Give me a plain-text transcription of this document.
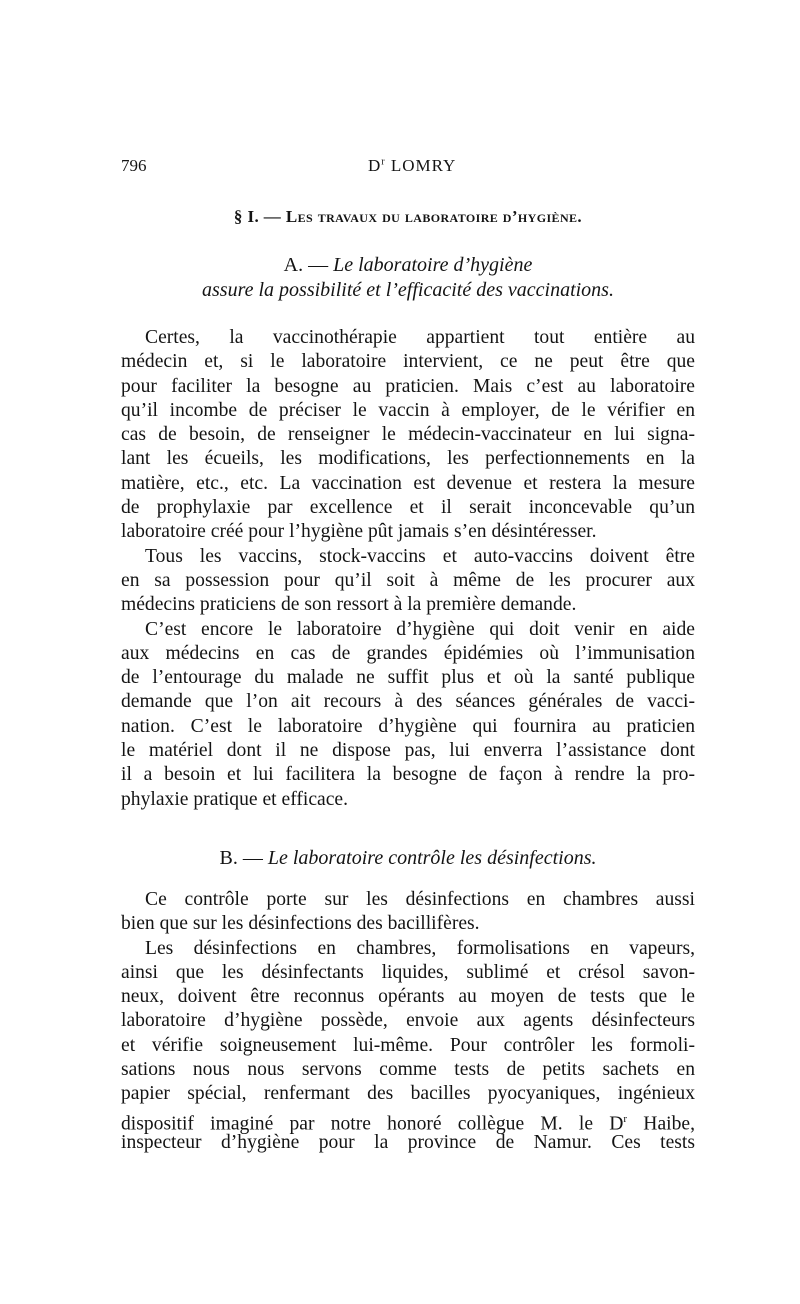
796	$D^r$ LOMRY
§ I. — Les travaux du laboratoire d’hygiène.
A. — Le laboratoire d’hygiène
assure la possibilité et l’efficacité des vaccinations.
Certes, la vaccinothérapie appartient tout entière au
médecin et, si le laboratoire intervient, ce ne peut être que
pour faciliter la besogne au praticien. Mais c’est au laboratoire
qu’il incombe de préciser le vaccin à employer, de le vérifier en
cas de besoin, de renseigner le médecin-vaccinateur en lui signa-
lant les écueils, les modifications, les perfectionnements en la
matière, etc., etc. La vaccination est devenue et restera la mesure
de prophylaxie par excellence et il serait inconcevable qu’un
laboratoire créé pour l’hygiène pût jamais s’en désintéresser.
Tous les vaccins, stock-vaccins et auto-vaccins doivent être
en sa possession pour qu’il soit à même de les procurer aux
médecins praticiens de son ressort à la première demande.
C’est encore le laboratoire d’hygiène qui doit venir en aide
aux médecins en cas de grandes épidémies où l’immunisation
de l’entourage du malade ne suffit plus et où la santé publique
demande que l’on ait recours à des séances générales de vacci-
nation. C’est le laboratoire d’hygiène qui fournira au praticien
le matériel dont il ne dispose pas, lui enverra l’assistance dont
il a besoin et lui facilitera la besogne de façon à rendre la pro-
phylaxie pratique et efficace.
B. — Le laboratoire contrôle les désinfections.
Ce contrôle porte sur les désinfections en chambres aussi
bien que sur les désinfections des bacillifères.
Les désinfections en chambres, formolisations en vapeurs,
ainsi que les désinfectants liquides, sublimé et crésol savon-
neux, doivent être reconnus opérants au moyen de tests que le
laboratoire d’hygiène possède, envoie aux agents désinfecteurs
et vérifie soigneusement lui-même. Pour contrôler les formoli-
sations nous nous servons comme tests de petits sachets en
papier spécial, renfermant des bacilles pyocyaniques, ingénieux
dispositif imaginé par notre honoré collègue M. le $D^r$ Haibe,
inspecteur d’hygiène pour la province de Namur. Ces tests
